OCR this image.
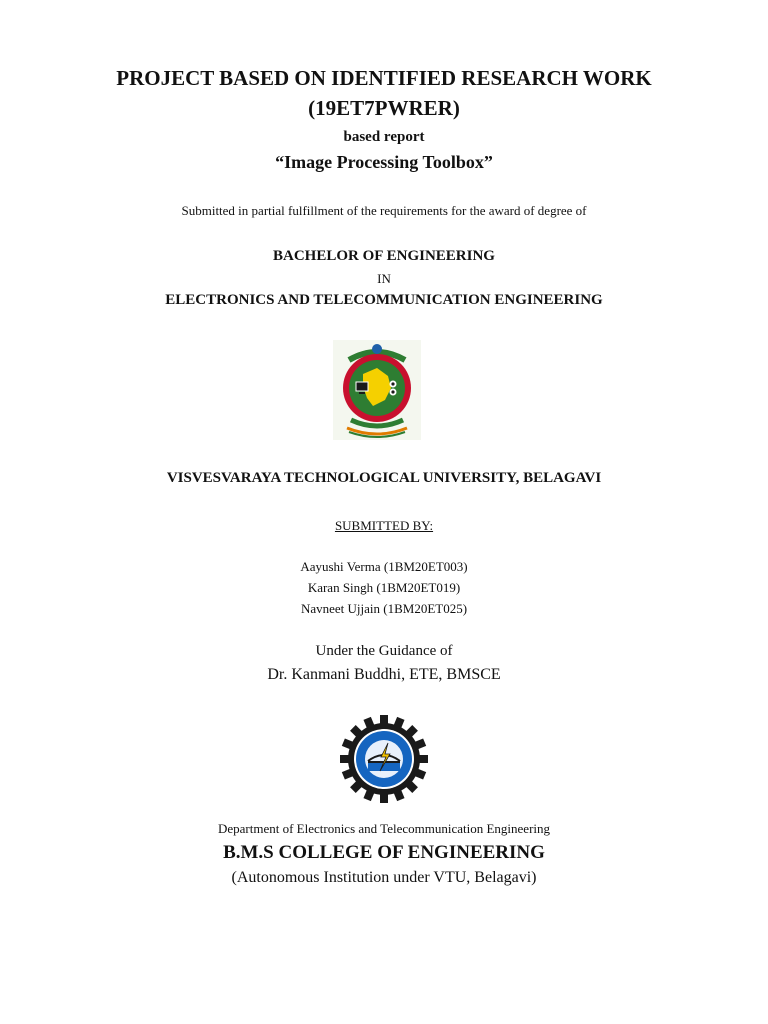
PROJECT BASED ON IDENTIFIED RESEARCH WORK
(19ET7PWRER)
based report
“Image Processing Toolbox”
Submitted in partial fulfillment of the requirements for the award of degree of
BACHELOR OF ENGINEERING
IN
ELECTRONICS AND TELECOMMUNICATION ENGINEERING
VISVESVARAYA TECHNOLOGICAL UNIVERSITY, BELAGAVI
SUBMITTED BY:
Aayushi Verma (1BM20ET003)
Karan Singh (1BM20ET019)
Navneet Ujjain (1BM20ET025)
Under the Guidance of
Dr. Kanmani Buddhi, ETE, BMSCE
Department of Electronics and Telecommunication Engineering
B.M.S COLLEGE OF ENGINEERING
(Autonomous Institution under VTU, Belagavi)
